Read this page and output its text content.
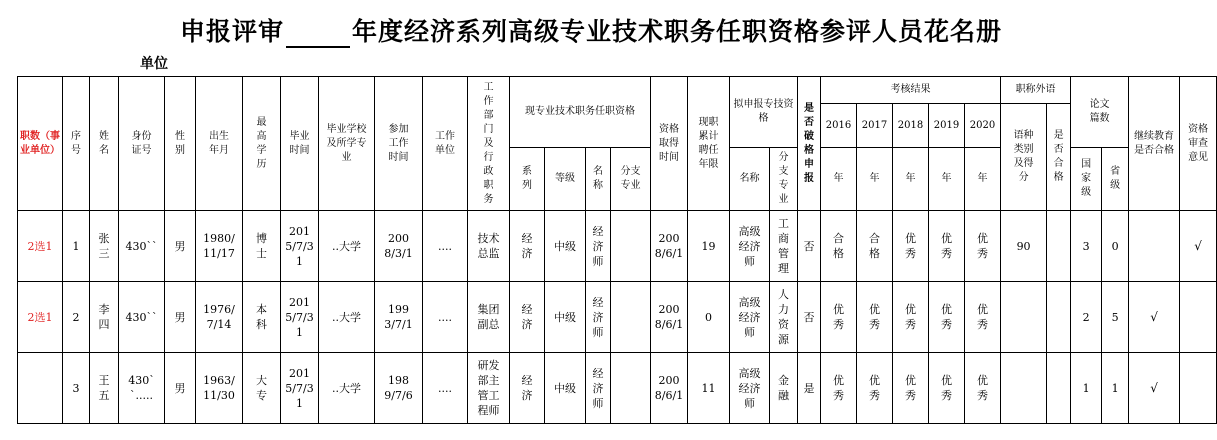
申报评审	年度经济系列高级专业技术职务任职资格参评人员花名册
单位
职数（事业单位）	序号	姓名	身份证号	性别	出生年月	最高学历	毕业时间	毕业学校及所学专业	参加工作时间	工作单位	工作部门及行政职务	现专业技术职务任职资格				资格取得时间	现职累计聘任年限	拟申报专技资格		是否破格申报	考核结果					职称外语		论文篇数		继续教育是否合格	资格审查意见
																					2016	2017	2018	2019	2020	语种类别及得分	是否合格				
												系列	等级	名称	分支专业			名称	分支专业		年	年	年	年	年			国家级	省级		
2选1	1	张三	430``	男	1980/11/17	博士	2015/7/31	..大学	2008/3/1	....	技术总监	经济	中级	经济师		2008/6/1	19	高级经济师	工商管理	否	合格	合格	优秀	优秀	优秀	90		3	0		√
2选1	2	李四	430``	男	1976/7/14	本科	2015/7/31	..大学	1993/7/1	....	集团副总	经济	中级	经济师		2008/6/1	0	高级经济师	人力资源	否	优秀	优秀	优秀	优秀	优秀			2	5	√	
	3	王五	430``.....	男	1963/11/30	大专	2015/7/31	..大学	1989/7/6	....	研发部主管工程师	经济	中级	经济师		2008/6/1	11	高级经济师	金融	是	优秀	优秀	优秀	优秀	优秀			1	1	√	
